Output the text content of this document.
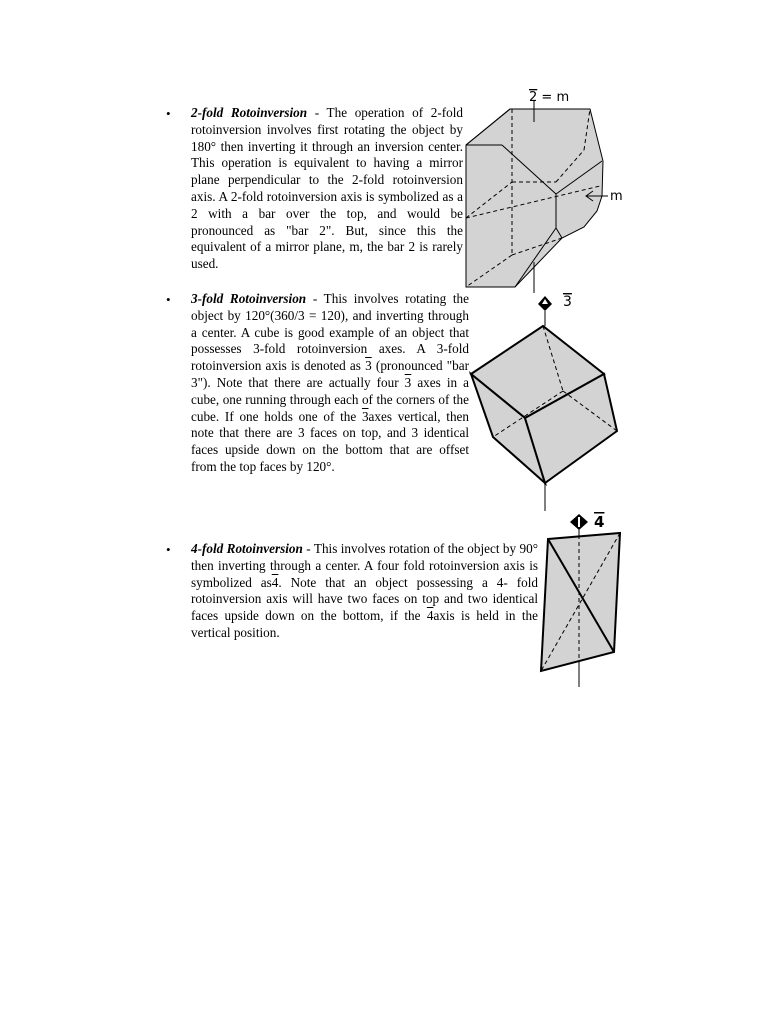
• 2-fold Rotoinversion - The operation of 2-fold rotoinversion involves first rotating the object by 180° then inverting it through an inversion center. This operation is equivalent to having a mirror plane perpendicular to the 2-fold rotoinversion axis. A 2-fold rotoinversion axis is symbolized as a 2 with a bar over the top, and would be pronounced as "bar 2". But, since this the equivalent of a mirror plane, m, the bar 2 is rarely used.
• 3-fold Rotoinversion - This involves rotating the object by 120°(360/3 = 120), and inverting through a center. A cube is good example of an object that possesses 3-fold rotoinversion axes. A 3-fold rotoinversion axis is denoted as 3 (pronounced "bar 3"). Note that there are actually four 3 axes in a cube, one running through each of the corners of the cube. If one holds one of the 3axes vertical, then note that there are 3 faces on top, and 3 identical faces upside down on the bottom that are offset from the top faces by 120°.
• 4-fold Rotoinversion - This involves rotation of the object by 90° then inverting through a center. A four fold rotoinversion axis is symbolized as4. Note that an object possessing a 4- fold rotoinversion axis will have two faces on top and two identical faces upside down on the bottom, if the 4axis is held in the vertical position.
2 = m
m
3
4
